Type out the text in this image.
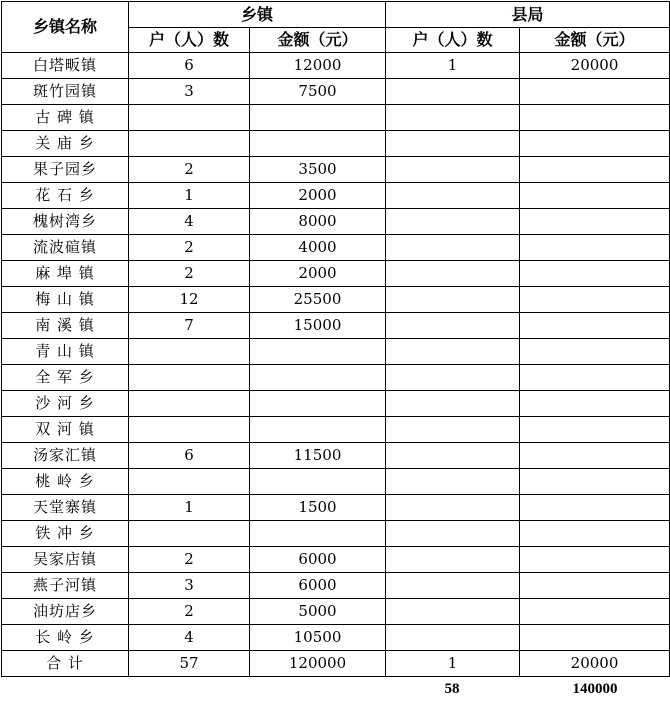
乡镇名称	乡镇		县局	
	户（人）数	金额（元）	户（人）数	金额（元）
白塔畈镇	6	12000	1	20000
斑竹园镇	3	7500		
古 碑 镇				
关 庙 乡				
果子园乡	2	3500		
花 石 乡	1	2000		
槐树湾乡	4	8000		
流波碹镇	2	4000		
麻 埠 镇	2	2000		
梅 山 镇	12	25500		
南 溪 镇	7	15000		
青 山 镇				
全 军 乡				
沙 河 乡				
双 河 镇				
汤家汇镇	6	11500		
桃 岭 乡				
天堂寨镇	1	1500		
铁 冲 乡				
吴家店镇	2	6000		
燕子河镇	3	6000		
油坊店乡	2	5000		
长 岭 乡	4	10500		
合 计	57	120000	1	20000
58	140000
